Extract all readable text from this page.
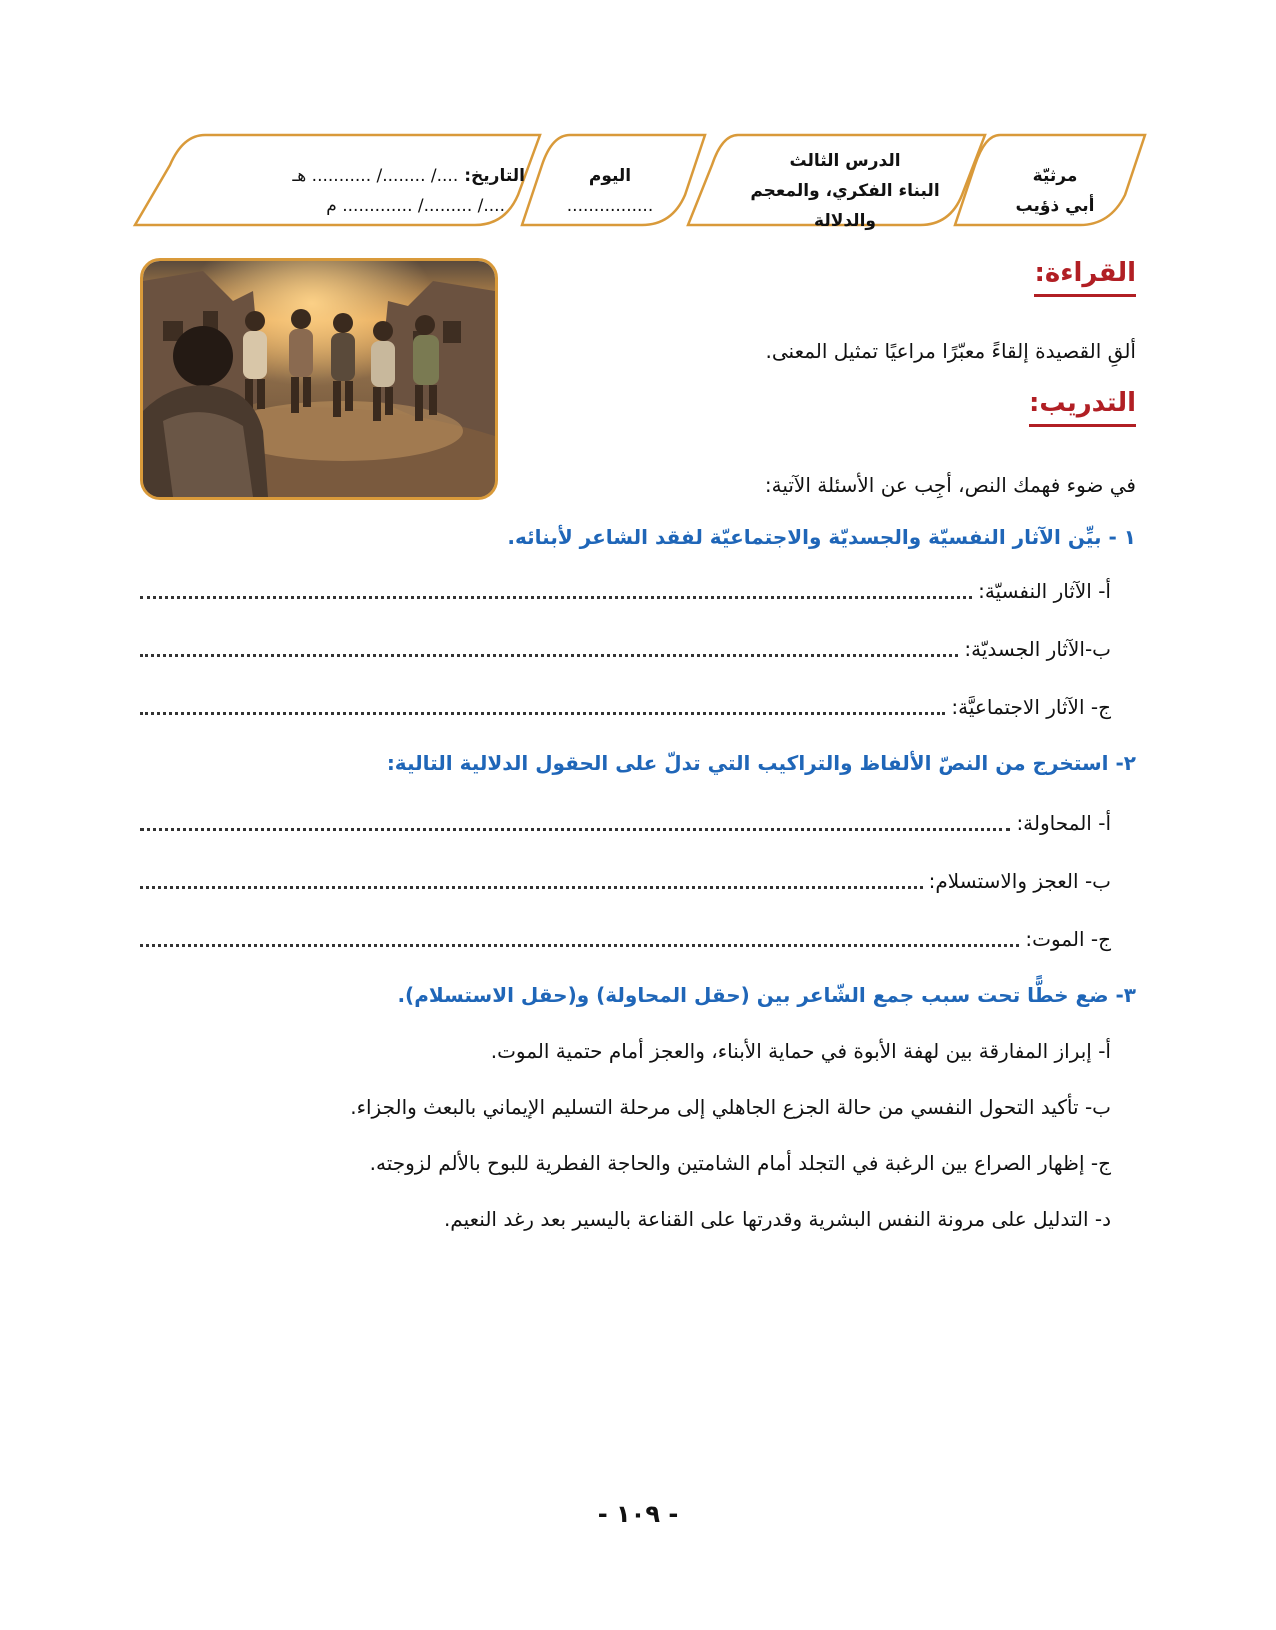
مرثيّة
أبي ذؤيب
الدرس الثالث
البناء الفكري، والمعجم والدلالة
اليوم
................
التاريخ:
..../ ......../ ........... هـ
..../ ........./ ............. م
القراءة:
ألقِ القصيدة إلقاءً معبّرًا مراعيًا تمثيل المعنى.
التدريب:
في ضوء فهمك النص، أجِب عن الأسئلة الآتية:
١ - بيِّن الآثار النفسيّة والجسديّة والاجتماعيّة لفقد الشاعر لأبنائه.
أ- الآثار النفسيّة:
ب-الآثار الجسديّة:
ج- الآثار الاجتماعيَّة:
٢- استخرج من النصّ الألفاظ والتراكيب التي تدلّ على الحقول الدلالية التالية:
أ- المحاولة:
ب- العجز والاستسلام:
ج- الموت:
٣- ضع خطًّا تحت سبب جمع الشّاعر بين (حقل المحاولة) و(حقل الاستسلام).
أ- إبراز المفارقة بين لهفة الأبوة في حماية الأبناء، والعجز أمام حتمية الموت.
ب- تأكيد التحول النفسي من حالة الجزع الجاهلي إلى مرحلة التسليم الإيماني بالبعث والجزاء.
ج- إظهار الصراع بين الرغبة في التجلد أمام الشامتين والحاجة الفطرية للبوح بالألم لزوجته.
د- التدليل على مرونة النفس البشرية وقدرتها على القناعة باليسير بعد رغد النعيم.
- ١٠٩ -
